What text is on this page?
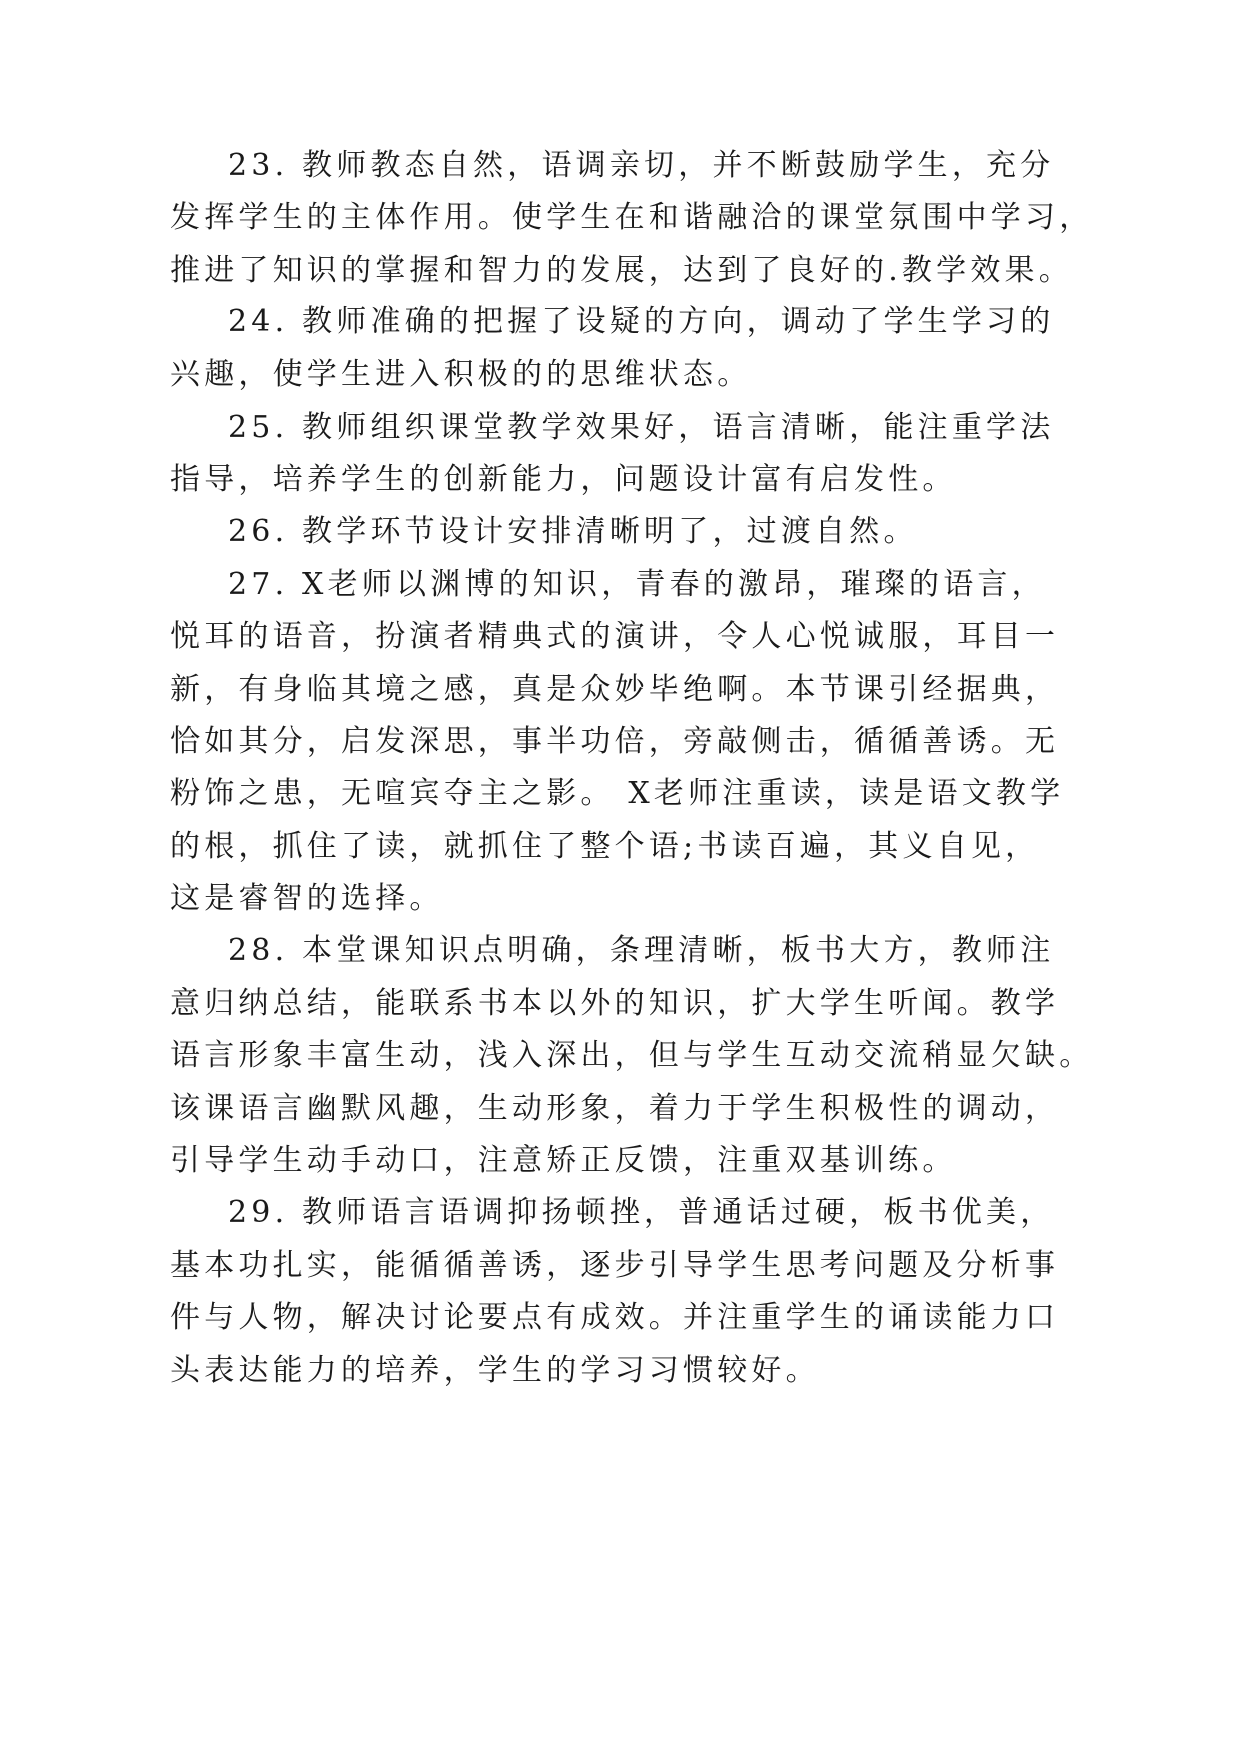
23. 教师教态自然，语调亲切，并不断鼓励学生，充分

发挥学生的主体作用。使学生在和谐融洽的课堂氛围中学习，

推进了知识的掌握和智力的发展，达到了良好的.教学效果。

24. 教师准确的把握了设疑的方向，调动了学生学习的

兴趣，使学生进入积极的的思维状态。

25. 教师组织课堂教学效果好，语言清晰，能注重学法

指导，培养学生的创新能力，问题设计富有启发性。

26. 教学环节设计安排清晰明了，过渡自然。

27. X老师以渊博的知识，青春的激昂，璀璨的语言，

悦耳的语音，扮演者精典式的演讲，令人心悦诚服，耳目一

新，有身临其境之感，真是众妙毕绝啊。本节课引经据典，

恰如其分，启发深思，事半功倍，旁敲侧击，循循善诱。无

粉饰之患，无喧宾夺主之影。 X老师注重读，读是语文教学

的根，抓住了读，就抓住了整个语;书读百遍，其义自见，

这是睿智的选择。

28. 本堂课知识点明确，条理清晰，板书大方，教师注

意归纳总结，能联系书本以外的知识，扩大学生听闻。教学

语言形象丰富生动，浅入深出，但与学生互动交流稍显欠缺。

该课语言幽默风趣，生动形象，着力于学生积极性的调动，

引导学生动手动口，注意矫正反馈，注重双基训练。

29. 教师语言语调抑扬顿挫，普通话过硬，板书优美，

基本功扎实，能循循善诱，逐步引导学生思考问题及分析事

件与人物，解决讨论要点有成效。并注重学生的诵读能力口

头表达能力的培养，学生的学习习惯较好。
